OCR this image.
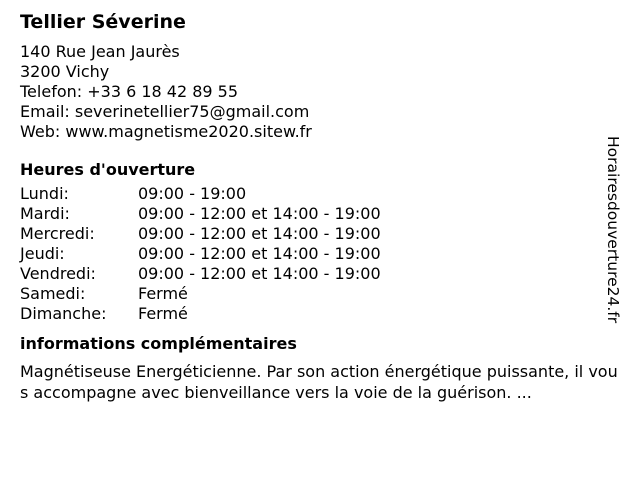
Tellier Séverine
140 Rue Jean Jaurès
3200 Vichy
Telefon: +33 6 18 42 89 55
Email: severinetellier75@gmail.com
Web: www.magnetisme2020.sitew.fr
Heures d'ouverture
Lundi:	09:00 - 19:00
Mardi:	09:00 - 12:00 et 14:00 - 19:00
Mercredi:	09:00 - 12:00 et 14:00 - 19:00
Jeudi:	09:00 - 12:00 et 14:00 - 19:00
Vendredi:	09:00 - 12:00 et 14:00 - 19:00
Samedi:	Fermé
Dimanche:	Fermé
informations complémentaires

Magnétiseuse Energéticienne. Par son action énergétique puissante, il vous accompagne avec bienveillance vers la voie de la guérison. ...

Horairesdouverture24.fr
